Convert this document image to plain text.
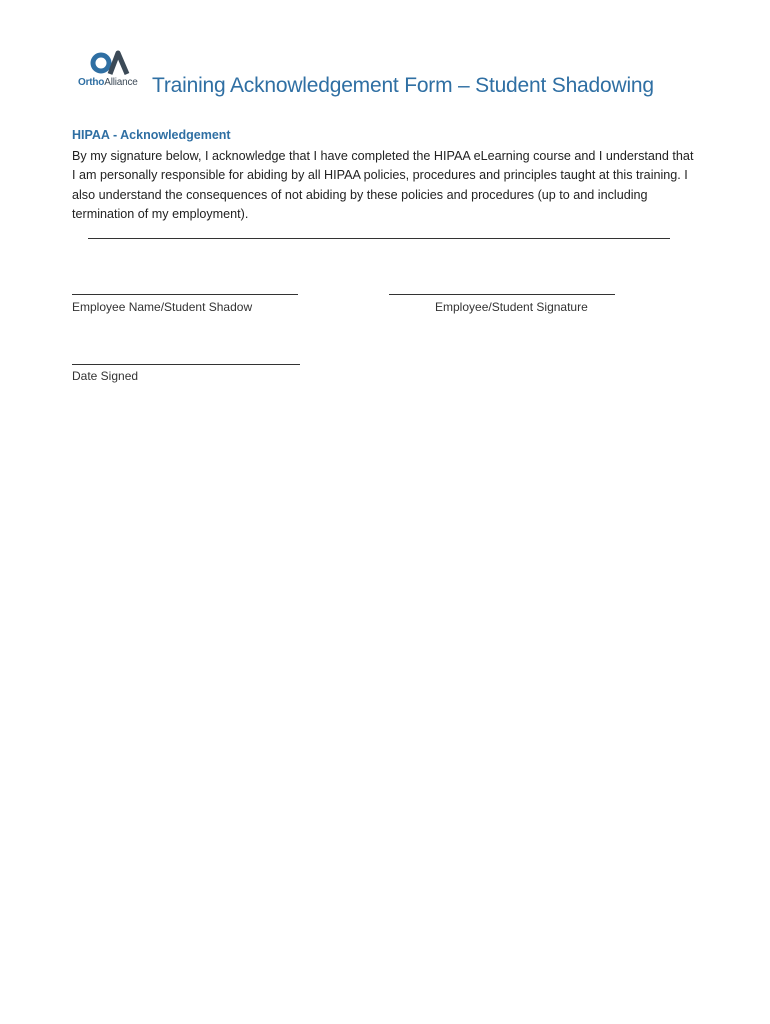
OrthoAlliance Training Acknowledgement Form – Student Shadowing
HIPAA - Acknowledgement
By my signature below, I acknowledge that I have completed the HIPAA eLearning course and I understand that I am personally responsible for abiding by all HIPAA policies, procedures and principles taught at this training. I also understand the consequences of not abiding by these policies and procedures (up to and including termination of my employment).
Employee Name/Student Shadow	Employee/Student Signature
Date Signed
